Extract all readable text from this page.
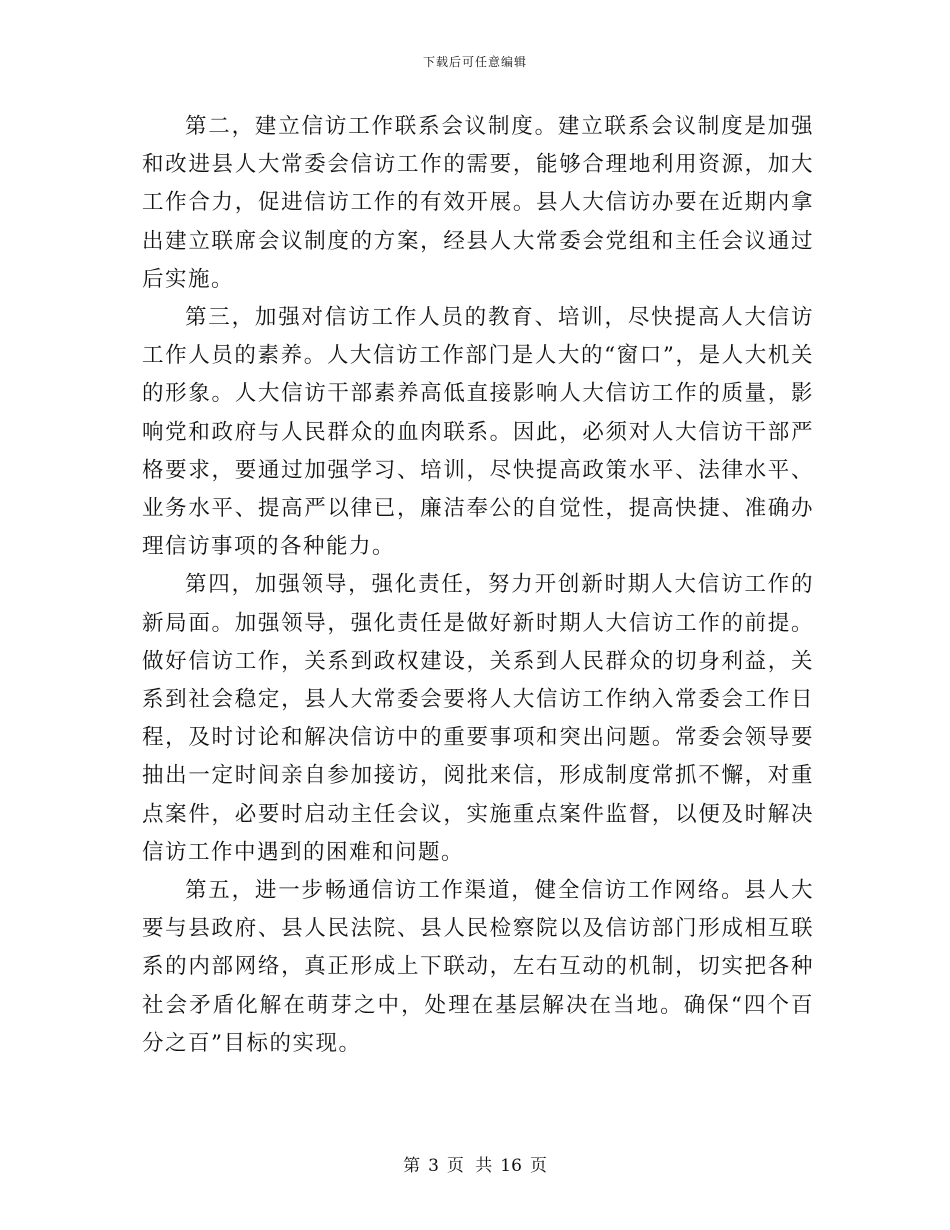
下载后可任意编辑

第二，建立信访工作联系会议制度。建立联系会议制度是加强和改进县人大常委会信访工作的需要，能够合理地利用资源，加大工作合力，促进信访工作的有效开展。县人大信访办要在近期内拿出建立联席会议制度的方案，经县人大常委会党组和主任会议通过后实施。

第三，加强对信访工作人员的教育、培训，尽快提高人大信访工作人员的素养。人大信访工作部门是人大的“窗口”，是人大机关的形象。人大信访干部素养高低直接影响人大信访工作的质量，影响党和政府与人民群众的血肉联系。因此，必须对人大信访干部严格要求，要通过加强学习、培训，尽快提高政策水平、法律水平、业务水平、提高严以律已，廉洁奉公的自觉性，提高快捷、准确办理信访事项的各种能力。

第四，加强领导，强化责任，努力开创新时期人大信访工作的新局面。加强领导，强化责任是做好新时期人大信访工作的前提。做好信访工作，关系到政权建设，关系到人民群众的切身利益，关系到社会稳定，县人大常委会要将人大信访工作纳入常委会工作日程，及时讨论和解决信访中的重要事项和突出问题。常委会领导要抽出一定时间亲自参加接访，阅批来信，形成制度常抓不懈，对重点案件，必要时启动主任会议，实施重点案件监督，以便及时解决信访工作中遇到的困难和问题。

第五，进一步畅通信访工作渠道，健全信访工作网络。县人大要与县政府、县人民法院、县人民检察院以及信访部门形成相互联系的内部网络，真正形成上下联动，左右互动的机制，切实把各种社会矛盾化解在萌芽之中，处理在基层解决在当地。确保“四个百分之百”目标的实现。

第 3 页 共 16 页
